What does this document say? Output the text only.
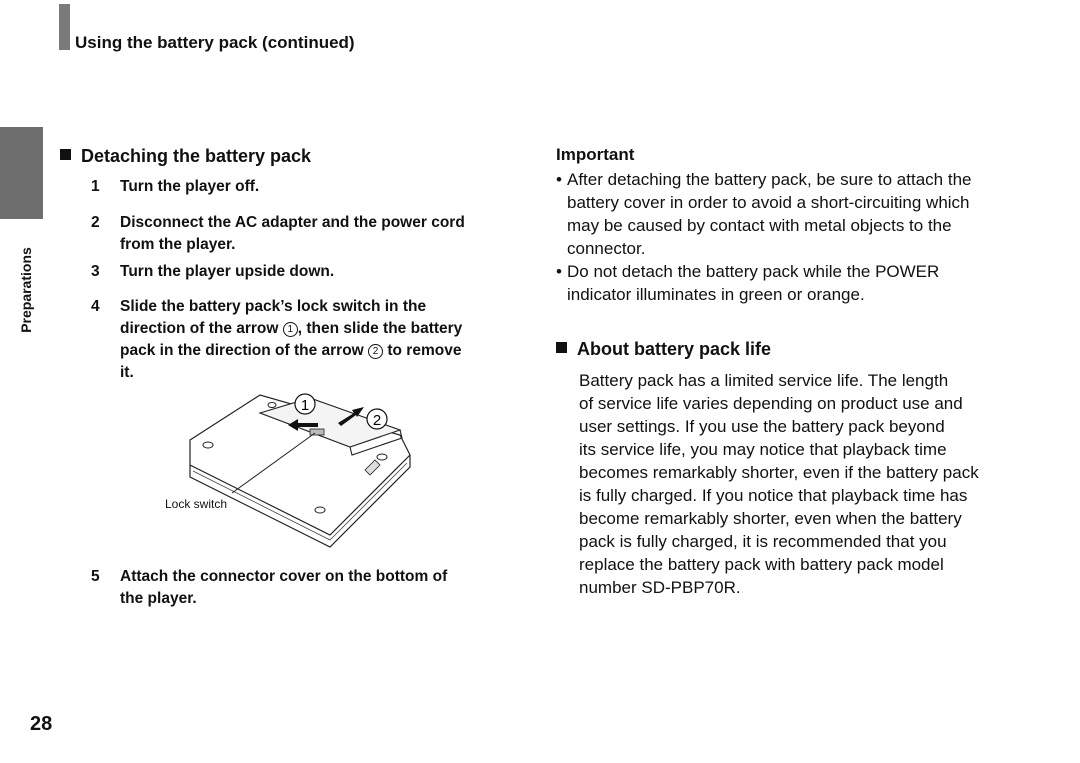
Using the battery pack (continued)
Preparations
Detaching the battery pack
1 Turn the player off.
2 Disconnect the AC adapter and the power cord
from the player.
3 Turn the player upside down.
4 Slide the battery pack’s lock switch in the
direction of the arrow 1 , then slide the battery
pack in the direction of the arrow 2 to remove
it.
1
2
Lock switch
5 Attach the connector cover on the bottom of
the player.
Important
• After detaching the battery pack, be sure to attach the
battery cover in order to avoid a short-circuiting which
may be caused by contact with metal objects to the
connector.
• Do not detach the battery pack while the POWER
indicator illuminates in green or orange.
About battery pack life
Battery pack has a limited service life. The length
of service life varies depending on product use and
user settings. If you use the battery pack beyond
its service life, you may notice that playback time
becomes remarkably shorter, even if the battery pack
is fully charged. If you notice that playback time has
become remarkably shorter, even when the battery
pack is fully charged, it is recommended that you
replace the battery pack with battery pack model
number SD-PBP70R.
28
